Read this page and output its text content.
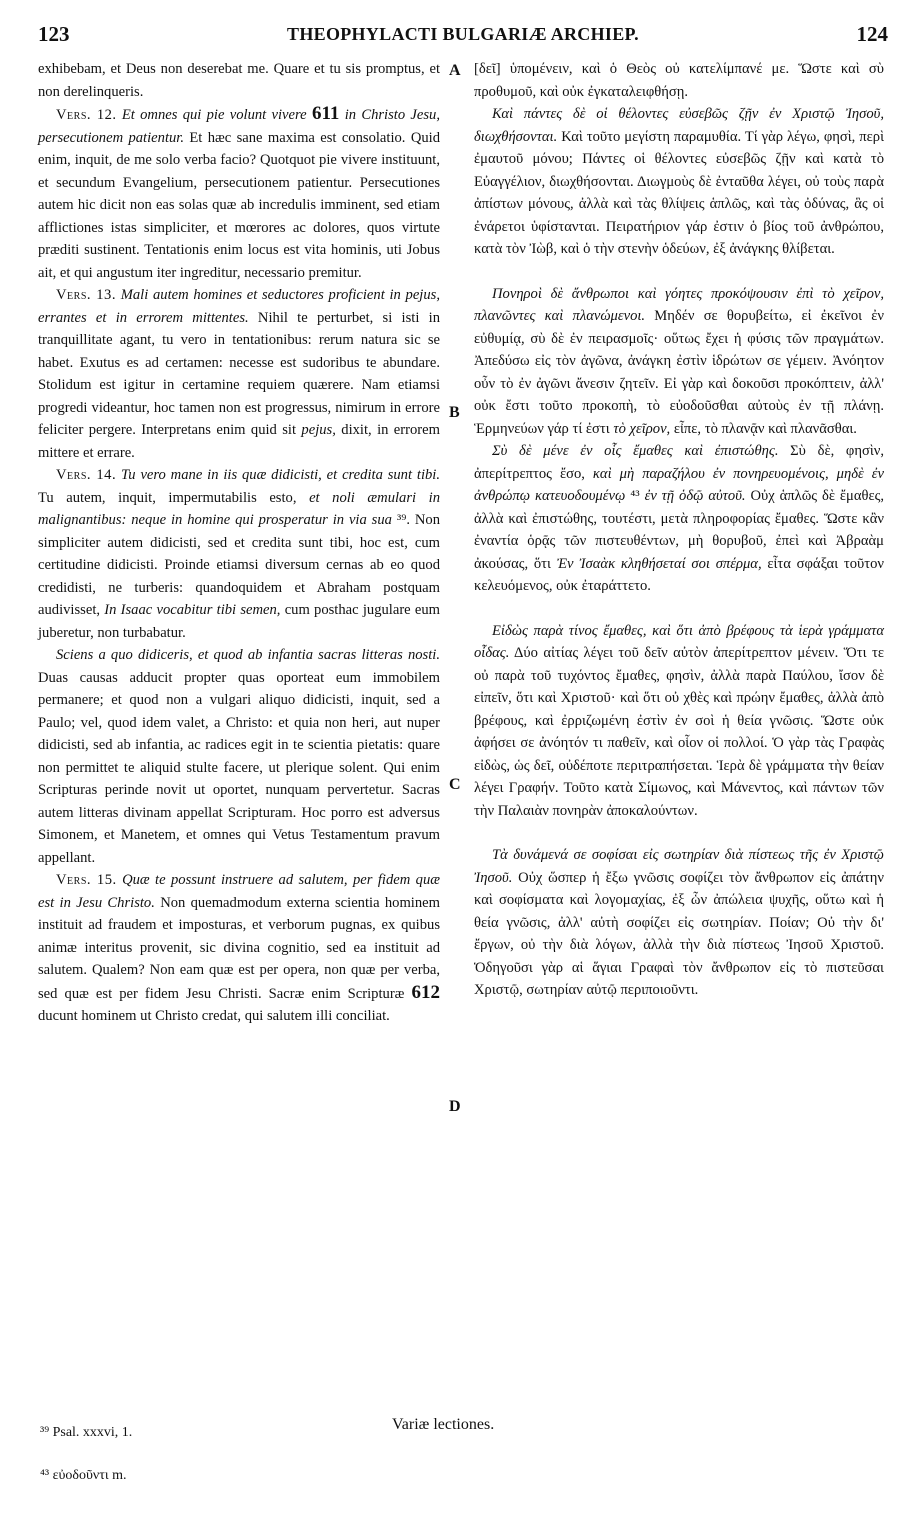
123	THEOPHYLACTI BULGARIÆ ARCHIEP.	124

exhibebam, et Deus non deserebat me. Quare et tu sis promptus, et non derelinqueris.

Vers. 12. Et omnes qui pie volunt vivere 611 in Christo Jesu, persecutionem patientur. Et hæc sane maxima est consolatio. Quid enim, inquit, de me solo verba facio? Quotquot pie vivere instituunt, et secundum Evangelium, persecutionem patientur. Persecutiones autem hic dicit non eas solas quæ ab incredulis imminent, sed etiam afflictiones istas simpliciter, et mœrores ac dolores, quos virtute præditi sustinent. Tentationis enim locus est vita hominis, uti Jobus ait, et qui angustum iter ingreditur, necessario premitur.

Vers. 13. Mali autem homines et seductores proficient in pejus, errantes et in errorem mittentes. Nihil te perturbet, si isti in tranquillitate agant, tu vero in tentationibus: rerum natura sic se habet. Exutus es ad certamen: necesse est sudoribus te abundare. Stolidum est igitur in certamine requiem quærere. Nam etiamsi progredi videantur, hoc tamen non est progressus, nimirum in errore feliciter pergere. Interpretans enim quid sit pejus, dixit, in errorem mittere et errare.

Vers. 14. Tu vero mane in iis quæ didicisti, et credita sunt tibi. Tu autem, inquit, impermutabilis esto, et noli æmulari in malignantibus: neque in homine qui prosperatur in via sua ³⁹. Non simpliciter autem didicisti, sed et credita sunt tibi, hoc est, cum certitudine didicisti. Proinde etiamsi diversum cernas ab eo quod credidisti, ne turberis: quandoquidem et Abraham postquam audivisset, In Isaac vocabitur tibi semen, cum posthac jugulare eum juberetur, non turbabatur.

Sciens a quo didiceris, et quod ab infantia sacras litteras nosti. Duas causas adducit propter quas oporteat eum immobilem permanere; et quod non a vulgari aliquo didicisti, inquit, sed a Paulo; vel, quod idem valet, a Christo: et quia non heri, aut nuper didicisti, sed ab infantia, ac radices egit in te scientia pietatis: quare non permittet te aliquid stulte facere, ut plerique solent. Qui enim Scripturas perinde novit ut oportet, nunquam pervertetur. Sacras autem litteras divinam appellat Scripturam. Hoc porro est adversus Simonem, et Manetem, et omnes qui Vetus Testamentum pravum appellant.

Vers. 15. Quæ te possunt instruere ad salutem, per fidem quæ est in Jesu Christo. Non quemadmodum externa scientia hominem instituit ad fraudem et imposturas, et verborum pugnas, ex quibus animæ interitus provenit, sic divina cognitio, sed ea instituit ad salutem. Qualem? Non eam quæ est per opera, non quæ per verba, sed quæ est per fidem Jesu Christi. Sacræ enim Scripturæ 612 ducunt hominem ut Christo credat, qui salutem illi conciliat.

A
B
C
D

[δεῖ] ὑπομένειν, καὶ ὁ Θεὸς οὐ κατελίμπανέ με. Ὥστε καὶ σὺ προθυμοῦ, καὶ οὐκ ἐγκαταλειφθήσῃ.

Καὶ πάντες δὲ οἱ θέλοντες εὐσεβῶς ζῇν ἐν Χριστῷ Ἰησοῦ, διωχθήσονται. Καὶ τοῦτο μεγίστη παραμυθία. Τί γὰρ λέγω, φησὶ, περὶ ἐμαυτοῦ μόνου; Πάντες οἱ θέλοντες εὐσεβῶς ζῇν καὶ κατὰ τὸ Εὐαγγέλιον, διωχθήσονται. Διωγμοὺς δὲ ἐνταῦθα λέγει, οὐ τοὺς παρὰ ἀπίστων μόνους, ἀλλὰ καὶ τὰς θλίψεις ἁπλῶς, καὶ τὰς ὀδύνας, ἃς οἱ ἐνάρετοι ὑφίστανται. Πειρατήριον γάρ ἐστιν ὁ βίος τοῦ ἀνθρώπου, κατὰ τὸν Ἰὼβ, καὶ ὁ τὴν στενὴν ὁδεύων, ἐξ ἀνάγκης θλίβεται.

Πονηροὶ δὲ ἄνθρωποι καὶ γόητες προκόψουσιν ἐπὶ τὸ χεῖρον, πλανῶντες καὶ πλανώμενοι. Μηδέν σε θορυβείτω, εἰ ἐκεῖνοι ἐν εὐθυμίᾳ, σὺ δὲ ἐν πειρασμοῖς· οὕτως ἔχει ἡ φύσις τῶν πραγμάτων. Ἀπεδύσω εἰς τὸν ἀγῶνα, ἀνάγκη ἐστὶν ἱδρώτων σε γέμειν. Ἀνόητον οὖν τὸ ἐν ἀγῶνι ἄνεσιν ζητεῖν. Εἰ γὰρ καὶ δοκοῦσι προκόπτειν, ἀλλ' οὐκ ἔστι τοῦτο προκοπὴ, τὸ εὐοδοῦσθαι αὐτοὺς ἐν τῇ πλάνῃ. Ἑρμηνεύων γάρ τί ἐστι τὸ χεῖρον, εἶπε, τὸ πλανᾷν καὶ πλανᾶσθαι.

Σὺ δὲ μένε ἐν οἷς ἔμαθες καὶ ἐπιστώθης. Σὺ δὲ, φησὶν, ἀπερίτρεπτος ἔσο, καὶ μὴ παραζήλου ἐν πονηρευομένοις, μηδὲ ἐν ἀνθρώπῳ κατευοδουμένῳ ⁴³ ἐν τῇ ὁδῷ αὐτοῦ. Οὐχ ἁπλῶς δὲ ἔμαθες, ἀλλὰ καὶ ἐπιστώθης, τουτέστι, μετὰ πληροφορίας ἔμαθες. Ὥστε κἂν ἐναντία ὁρᾷς τῶν πιστευθέντων, μὴ θορυβοῦ, ἐπεὶ καὶ Ἀβραὰμ ἀκούσας, ὅτι Ἐν Ἰσαὰκ κληθήσεταί σοι σπέρμα, εἶτα σφάξαι τοῦτον κελευόμενος, οὐκ ἐταράττετο.

Εἰδὼς παρὰ τίνος ἔμαθες, καὶ ὅτι ἀπὸ βρέφους τὰ ἱερὰ γράμματα οἶδας. Δύο αἰτίας λέγει τοῦ δεῖν αὐτὸν ἀπερίτρεπτον μένειν. Ὅτι τε οὐ παρὰ τοῦ τυχόντος ἔμαθες, φησὶν, ἀλλὰ παρὰ Παύλου, ἴσον δὲ εἰπεῖν, ὅτι καὶ Χριστοῦ· καὶ ὅτι οὐ χθὲς καὶ πρώην ἔμαθες, ἀλλὰ ἀπὸ βρέφους, καὶ ἐρριζωμένη ἐστὶν ἐν σοὶ ἡ θεία γνῶσις. Ὥστε οὐκ ἀφήσει σε ἀνόητόν τι παθεῖν, καὶ οἷον οἱ πολλοί. Ὁ γὰρ τὰς Γραφὰς εἰδὼς, ὡς δεῖ, οὐδέποτε περιτραπήσεται. Ἱερὰ δὲ γράμματα τὴν θείαν λέγει Γραφήν. Τοῦτο κατὰ Σίμωνος, καὶ Μάνεντος, καὶ πάντων τῶν τὴν Παλαιὰν πονηρὰν ἀποκαλούντων.

Τὰ δυνάμενά σε σοφίσαι εἰς σωτηρίαν διὰ πίστεως τῆς ἐν Χριστῷ Ἰησοῦ. Οὐχ ὥσπερ ἡ ἔξω γνῶσις σοφίζει τὸν ἄνθρωπον εἰς ἀπάτην καὶ σοφίσματα καὶ λογομαχίας, ἐξ ὧν ἀπώλεια ψυχῆς, οὕτω καὶ ἡ θεία γνῶσις, ἀλλ' αὐτὴ σοφίζει εἰς σωτηρίαν. Ποίαν; Οὐ τὴν δι' ἔργων, οὐ τὴν διὰ λόγων, ἀλλὰ τὴν διὰ πίστεως Ἰησοῦ Χριστοῦ. Ὁδηγοῦσι γὰρ αἱ ἅγιαι Γραφαὶ τὸν ἄνθρωπον εἰς τὸ πιστεῦσαι Χριστῷ, σωτηρίαν αὐτῷ περιποιοῦντι.

³⁹ Psal. xxxvi, 1.	Variæ lectiones.
⁴³ εὐοδοῦντι m.
